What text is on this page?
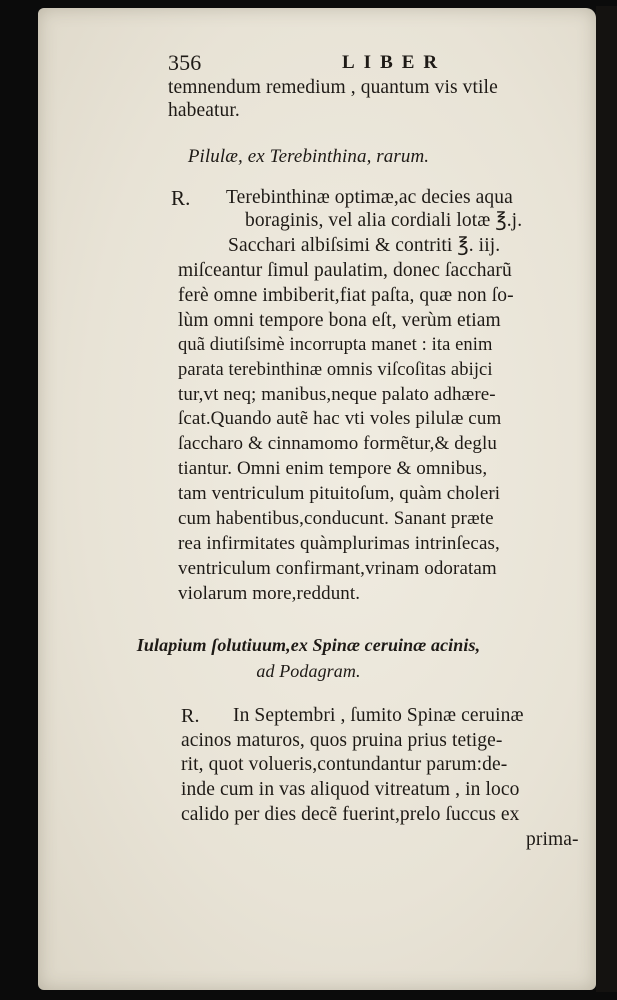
356	LIBER
temnendum remedium , quantum vis vtile
habeatur.
Pilulæ, ex Terebinthina, rarum.
R. Terebinthinæ optimæ,ac decies aqua
boraginis, vel alia cordiali lotæ ℥.j.
Sacchari albiſsimi & contriti ℥. iij.
miſceantur ſimul paulatim, donec ſaccharũ
ferè omne imbiberit,fiat paſta, quæ non ſo-
lùm omni tempore bona eſt, verùm etiam
quã diutiſsimè incorrupta manet : ita enim
parata terebinthinæ omnis viſcoſitas abijci
tur,vt neq; manibus,neque palato adhære-
ſcat.Quando autẽ hac vti voles pilulæ cum
ſaccharo & cinnamomo formẽtur,& deglu
tiantur. Omni enim tempore & omnibus,
tam ventriculum pituitoſum, quàm choleri
cum habentibus,conducunt. Sanant præte
rea infirmitates quàmplurimas intrinſecas,
ventriculum confirmant,vrinam odoratam
violarum more,reddunt.
Iulapium ſolutiuum,ex Spinæ ceruinæ acinis,
ad Podagram.
R. In Septembri , ſumito Spinæ ceruinæ
acinos maturos, quos pruina prius tetige-
rit, quot volueris,contundantur parum:de-
inde cum in vas aliquod vitreatum , in loco
calido per dies decẽ fuerint,prelo ſuccus ex
prima-
